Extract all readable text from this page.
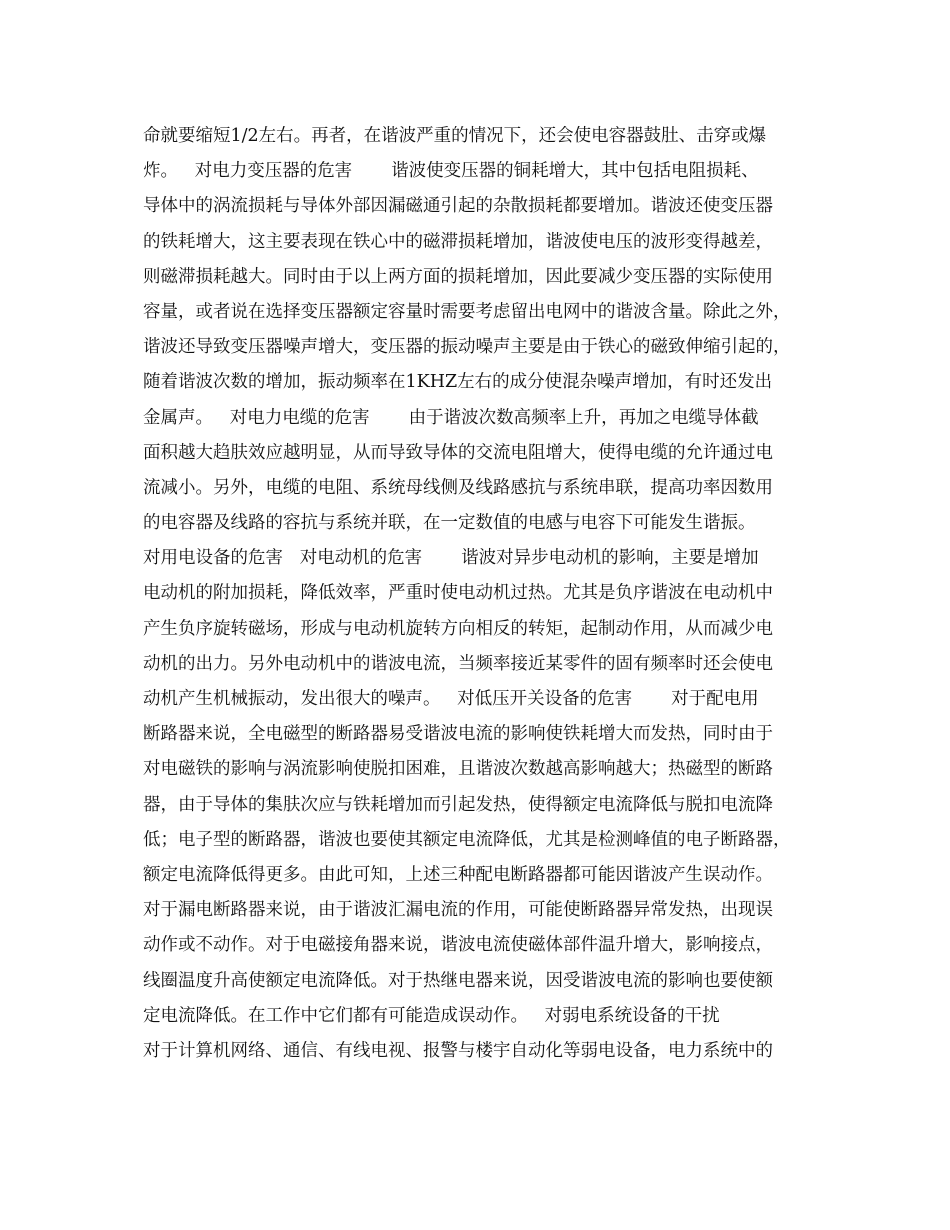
命就要缩短1/2左右。再者，在谐波严重的情况下，还会使电容器鼓肚、击穿或爆
炸。   对电力变压器的危害       谐波使变压器的铜耗增大，其中包括电阻损耗、
导体中的涡流损耗与导体外部因漏磁通引起的杂散损耗都要增加。谐波还使变压器
的铁耗增大，这主要表现在铁心中的磁滞损耗增加，谐波使电压的波形变得越差，
则磁滞损耗越大。同时由于以上两方面的损耗增加，因此要减少变压器的实际使用
容量，或者说在选择变压器额定容量时需要考虑留出电网中的谐波含量。除此之外，
谐波还导致变压器噪声增大，变压器的振动噪声主要是由于铁心的磁致伸缩引起的，
随着谐波次数的增加，振动频率在1KHZ左右的成分使混杂噪声增加，有时还发出
金属声。   对电力电缆的危害       由于谐波次数高频率上升，再加之电缆导体截
面积越大趋肤效应越明显，从而导致导体的交流电阻增大，使得电缆的允许通过电
流减小。另外，电缆的电阻、系统母线侧及线路感抗与系统串联，提高功率因数用
的电容器及线路的容抗与系统并联，在一定数值的电感与电容下可能发生谐振。
对用电设备的危害   对电动机的危害       谐波对异步电动机的影响，主要是增加
电动机的附加损耗，降低效率，严重时使电动机过热。尤其是负序谐波在电动机中
产生负序旋转磁场，形成与电动机旋转方向相反的转矩，起制动作用，从而减少电
动机的出力。另外电动机中的谐波电流，当频率接近某零件的固有频率时还会使电
动机产生机械振动，发出很大的噪声。   对低压开关设备的危害       对于配电用
断路器来说，全电磁型的断路器易受谐波电流的影响使铁耗增大而发热，同时由于
对电磁铁的影响与涡流影响使脱扣困难，且谐波次数越高影响越大；热磁型的断路
器，由于导体的集肤次应与铁耗增加而引起发热，使得额定电流降低与脱扣电流降
低；电子型的断路器，谐波也要使其额定电流降低，尤其是检测峰值的电子断路器，
额定电流降低得更多。由此可知，上述三种配电断路器都可能因谐波产生误动作。
对于漏电断路器来说，由于谐波汇漏电流的作用，可能使断路器异常发热，出现误
动作或不动作。对于电磁接角器来说，谐波电流使磁体部件温升增大，影响接点，
线圈温度升高使额定电流降低。对于热继电器来说，因受谐波电流的影响也要使额
定电流降低。在工作中它们都有可能造成误动作。   对弱电系统设备的干扰
对于计算机网络、通信、有线电视、报警与楼宇自动化等弱电设备，电力系统中的
